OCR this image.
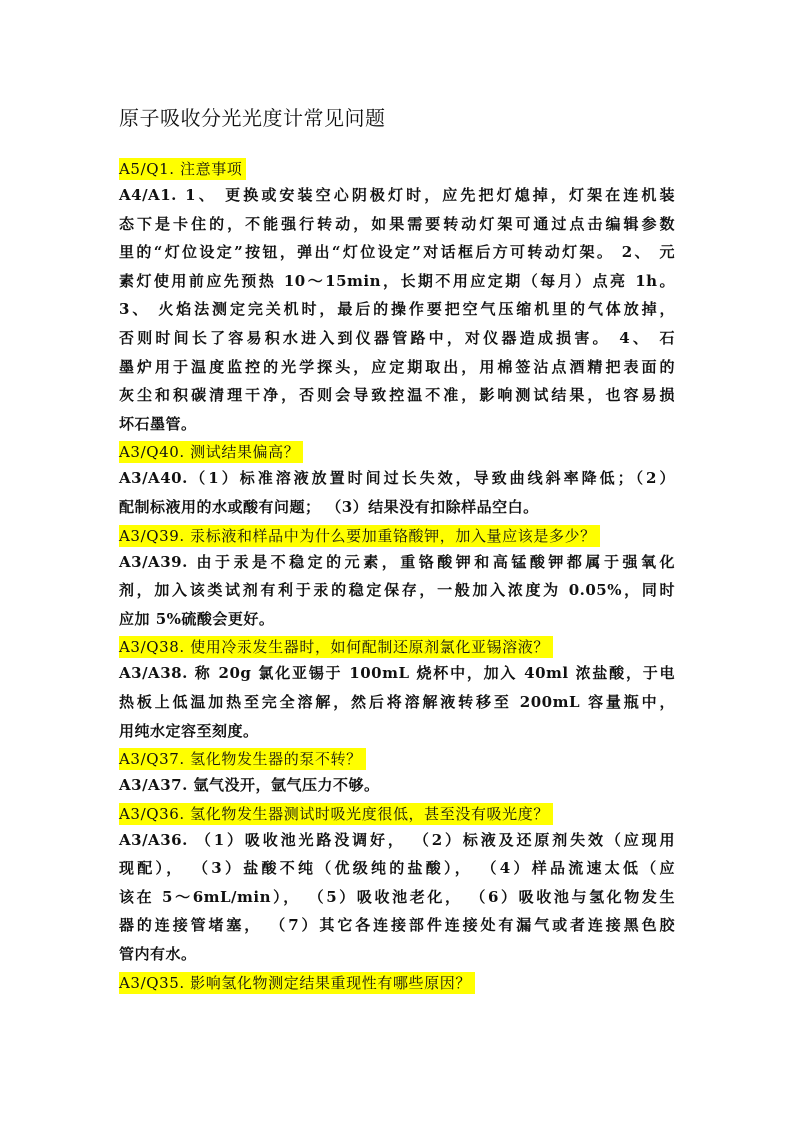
原子吸收分光光度计常见问题
A5/Q1. 注意事项
A4/A1. 1、 更换或安装空心阴极灯时，应先把灯熄掉，灯架在连机装
态下是卡住的，不能强行转动，如果需要转动灯架可通过点击编辑参数
里的“灯位设定”按钮，弹出“灯位设定”对话框后方可转动灯架。 2、 元
素灯使用前应先预热 10～15min，长期不用应定期（每月）点亮 1h。
3、 火焰法测定完关机时，最后的操作要把空气压缩机里的气体放掉，
否则时间长了容易积水进入到仪器管路中，对仪器造成损害。 4、 石
墨炉用于温度监控的光学探头，应定期取出，用棉签沾点酒精把表面的
灰尘和积碳清理干净，否则会导致控温不准，影响测试结果，也容易损
坏石墨管。
A3/Q40. 测试结果偏高？
A3/A40.（1）标准溶液放置时间过长失效，导致曲线斜率降低；（2）
配制标液用的水或酸有问题； （3）结果没有扣除样品空白。
A3/Q39. 汞标液和样品中为什么要加重铬酸钾，加入量应该是多少？
A3/A39. 由于汞是不稳定的元素，重铬酸钾和高锰酸钾都属于强氧化
剂，加入该类试剂有利于汞的稳定保存，一般加入浓度为 0.05%，同时
应加 5%硫酸会更好。
A3/Q38. 使用冷汞发生器时，如何配制还原剂氯化亚锡溶液？
A3/A38. 称 20g 氯化亚锡于 100mL 烧杯中，加入 40ml 浓盐酸，于电
热板上低温加热至完全溶解，然后将溶解液转移至 200mL 容量瓶中，
用纯水定容至刻度。
A3/Q37. 氢化物发生器的泵不转？
A3/A37. 氩气没开，氩气压力不够。
A3/Q36. 氢化物发生器测试时吸光度很低，甚至没有吸光度？
A3/A36. （1）吸收池光路没调好， （2）标液及还原剂失效（应现用
现配）， （3）盐酸不纯（优级纯的盐酸）， （4）样品流速太低（应
该在 5～6mL/min）， （5）吸收池老化， （6）吸收池与氢化物发生
器的连接管堵塞， （7）其它各连接部件连接处有漏气或者连接黑色胶
管内有水。
A3/Q35. 影响氢化物测定结果重现性有哪些原因？
